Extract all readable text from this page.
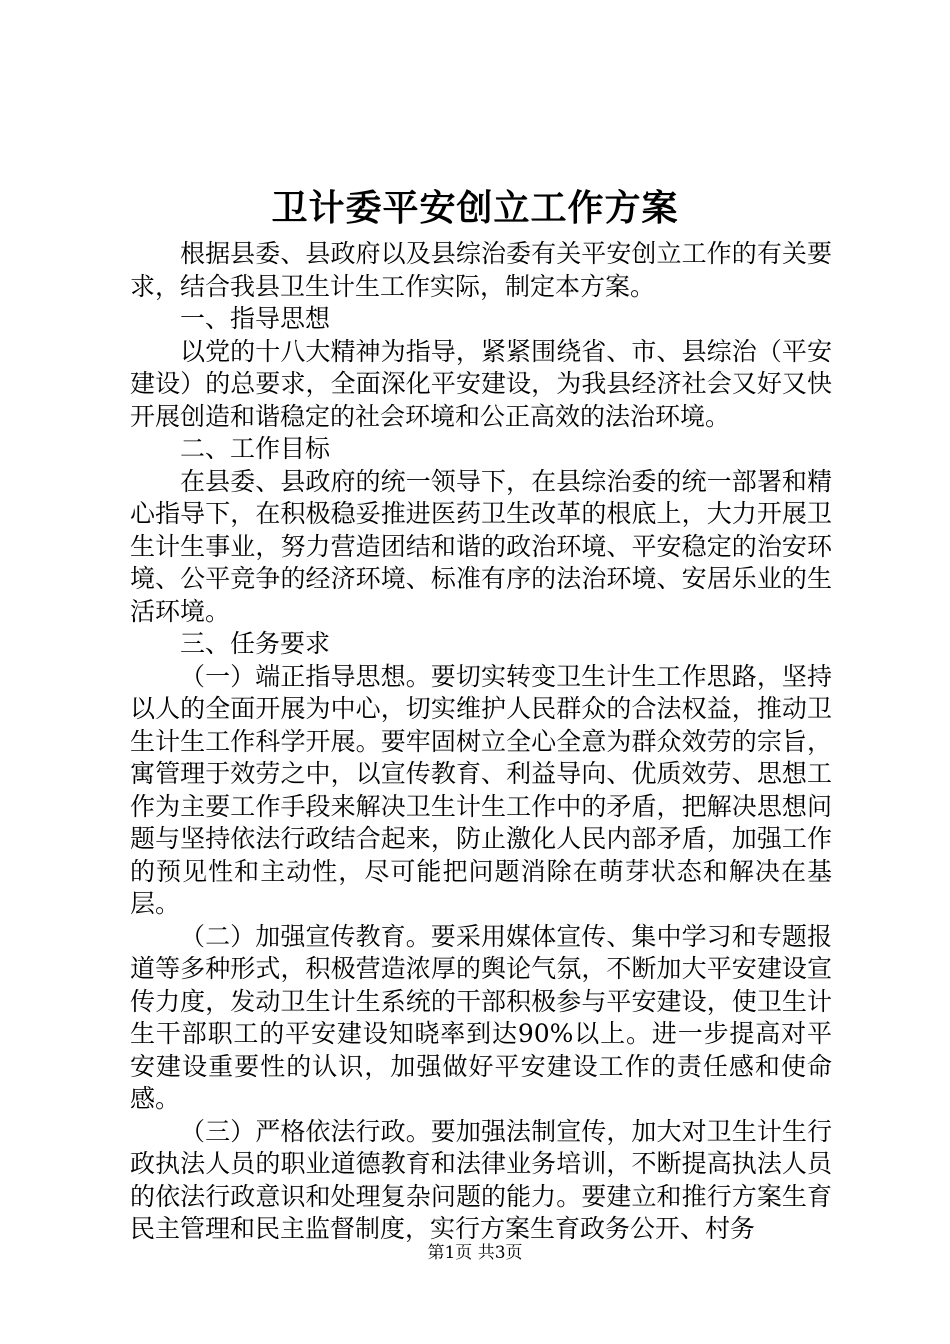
卫计委平安创立工作方案

根据县委、县政府以及县综治委有关平安创立工作的有关要求，结合我县卫生计生工作实际，制定本方案。

一、指导思想

以党的十八大精神为指导，紧紧围绕省、市、县综治（平安建设）的总要求，全面深化平安建设，为我县经济社会又好又快开展创造和谐稳定的社会环境和公正高效的法治环境。

二、工作目标

在县委、县政府的统一领导下，在县综治委的统一部署和精心指导下，在积极稳妥推进医药卫生改革的根底上，大力开展卫生计生事业，努力营造团结和谐的政治环境、平安稳定的治安环境、公平竞争的经济环境、标准有序的法治环境、安居乐业的生活环境。

三、任务要求

（一）端正指导思想。要切实转变卫生计生工作思路，坚持以人的全面开展为中心，切实维护人民群众的合法权益，推动卫生计生工作科学开展。要牢固树立全心全意为群众效劳的宗旨，寓管理于效劳之中，以宣传教育、利益导向、优质效劳、思想工作为主要工作手段来解决卫生计生工作中的矛盾，把解决思想问题与坚持依法行政结合起来，防止激化人民内部矛盾，加强工作的预见性和主动性，尽可能把问题消除在萌芽状态和解决在基层。

（二）加强宣传教育。要采用媒体宣传、集中学习和专题报道等多种形式，积极营造浓厚的舆论气氛，不断加大平安建设宣传力度，发动卫生计生系统的干部积极参与平安建设，使卫生计生干部职工的平安建设知晓率到达90%以上。进一步提高对平安建设重要性的认识，加强做好平安建设工作的责任感和使命感。

（三）严格依法行政。要加强法制宣传，加大对卫生计生行政执法人员的职业道德教育和法律业务培训，不断提高执法人员的依法行政意识和处理复杂问题的能力。要建立和推行方案生育民主管理和民主监督制度，实行方案生育政务公开、村务

第1页 共3页
